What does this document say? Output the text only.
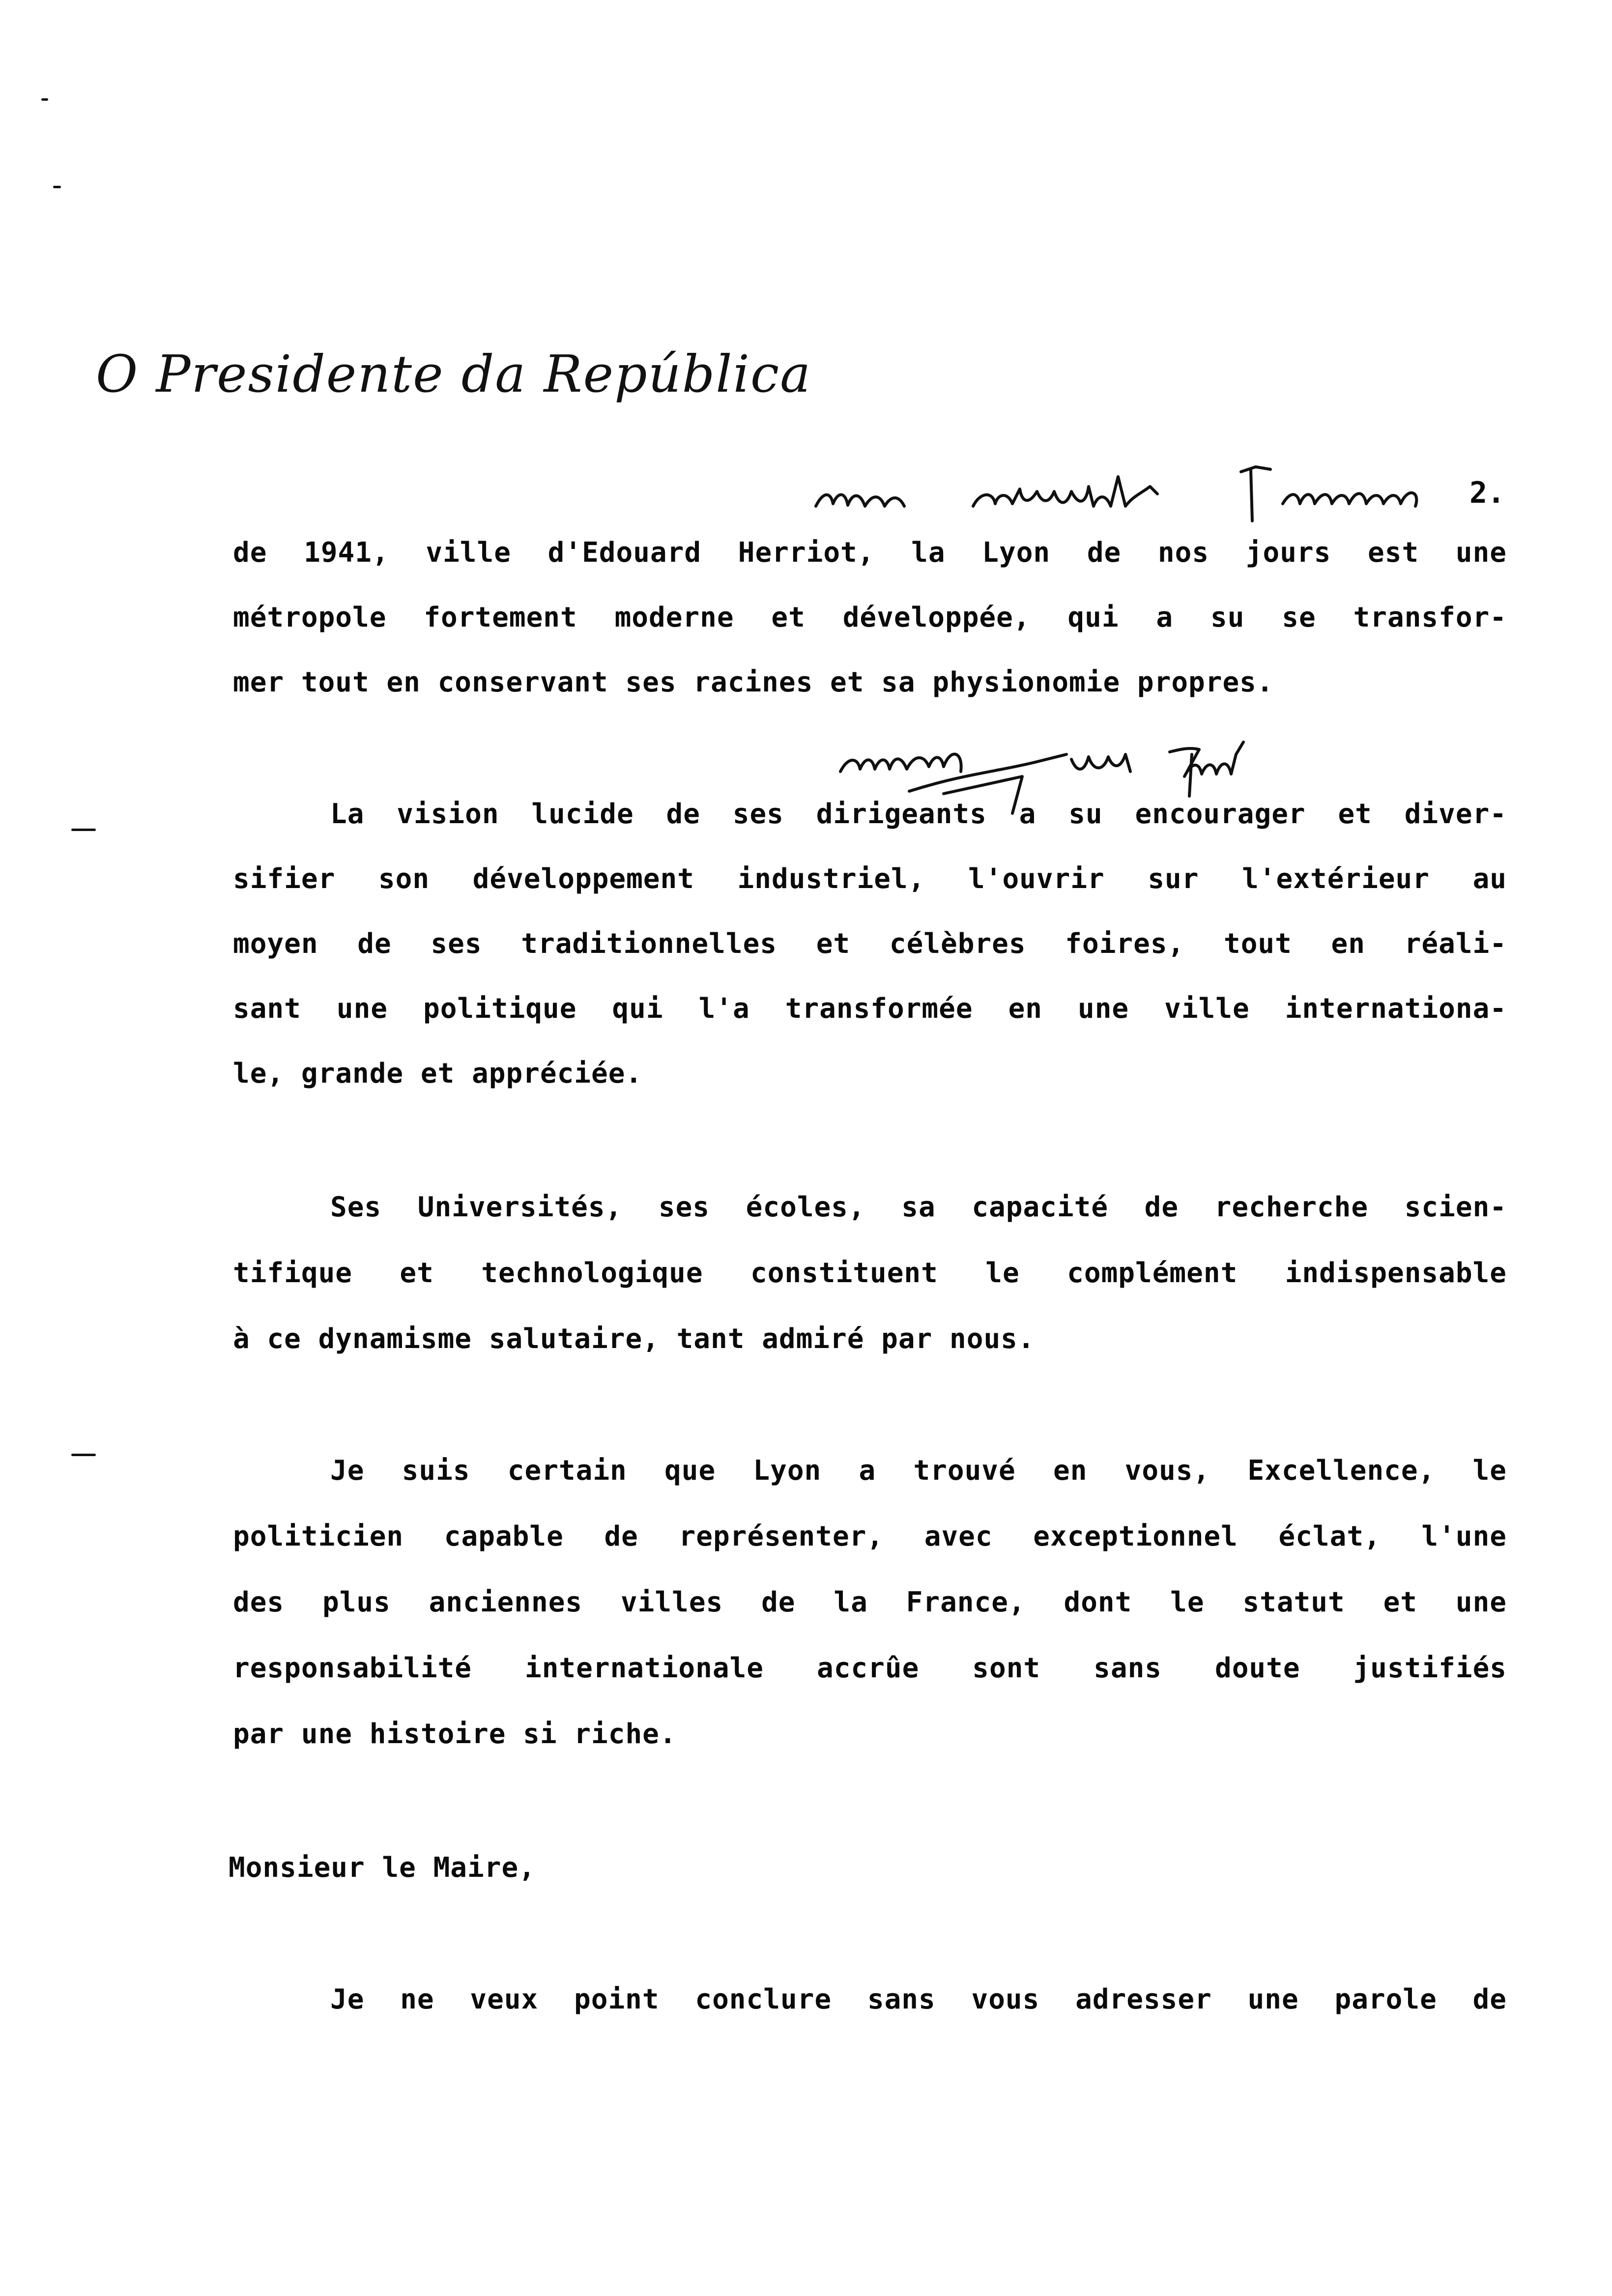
O Presidente da República
2.
de 1941, ville d'Edouard Herriot, la Lyon de nos jours est une
métropole fortement moderne et développée, qui a su se transfor-
mer tout en conservant ses racines et sa physionomie propres.
La vision lucide de ses dirigeants a su encourager et diver-
sifier son développement industriel, l'ouvrir sur l'extérieur au
moyen de ses traditionnelles et célèbres foires, tout en réali-
sant une politique qui l'a transformée en une ville internationa-
le, grande et appréciée.
Ses Universités, ses écoles, sa capacité de recherche scien-
tifique et technologique constituent le complément indispensable
à ce dynamisme salutaire, tant admiré par nous.
Je suis certain que Lyon a trouvé en vous, Excellence, le
politicien capable de représenter, avec exceptionnel éclat, l'une
des plus anciennes villes de la France, dont le statut et une
responsabilité internationale accrûe sont sans doute justifiés
par une histoire si riche.
Monsieur le Maire,
Je ne veux point conclure sans vous adresser une parole de
